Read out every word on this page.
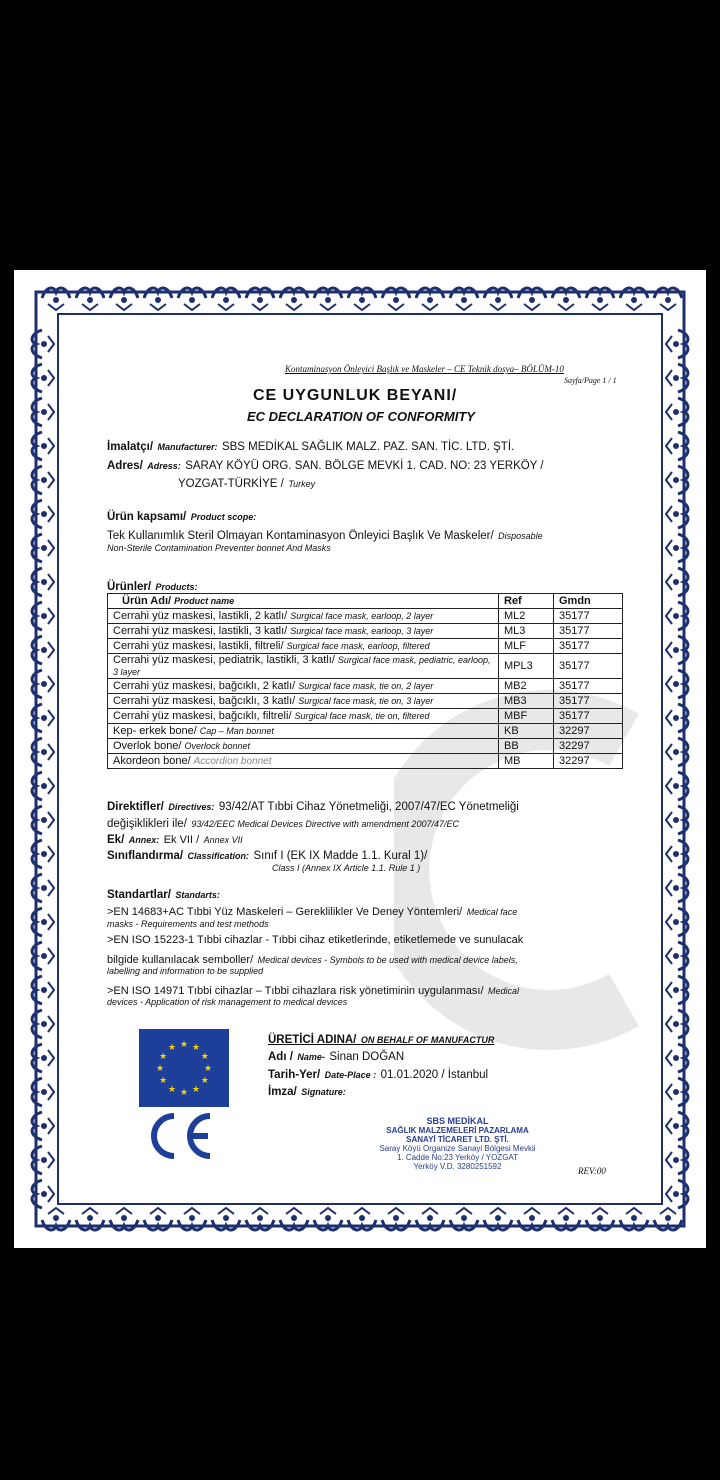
Kontaminasyon Önleyici Başlık ve Maskeler – CE Teknik dosya– BÖLÜM-10
Sayfa/Page 1 / 1
CE UYGUNLUK BEYANI/
EC DECLARATION OF CONFORMITY
İmalatçı/ Manufacturer: SBS MEDİKAL SAĞLIK MALZ. PAZ. SAN. TİC. LTD. ŞTİ.
Adres/ Adress: SARAY KÖYÜ ORG. SAN. BÖLGE MEVKİ 1. CAD. NO: 23 YERKÖY /
YOZGAT-TÜRKİYE / Turkey
Ürün kapsamı/ Product scope:
Tek Kullanımlık Steril Olmayan Kontaminasyon Önleyici Başlık Ve Maskeler/ Disposable
Non-Sterile Contamination Preventer bonnet And Masks
Ürünler/ Products:
Ürün Adı/ Product name	Ref	Gmdn
Cerrahi yüz maskesi, lastikli, 2 katlı/ Surgical face mask, earloop, 2 layer	ML2	35177
Cerrahi yüz maskesi, lastikli, 3 katlı/ Surgical face mask, earloop, 3 layer	ML3	35177
Cerrahi yüz maskesi, lastikli, filtreli/ Surgical face mask, earloop, filtered	MLF	35177
Cerrahi yüz maskesi, pediatrik, lastikli, 3 katlı/ Surgical face mask, pediatric, earloop, 3 layer	MPL3	35177
Cerrahi yüz maskesi, bağcıklı, 2 katlı/ Surgical face mask, tie on, 2 layer	MB2	35177
Cerrahi yüz maskesi, bağcıklı, 3 katlı/ Surgical face mask, tie on, 3 layer	MB3	35177
Cerrahi yüz maskesi, bağcıklı, filtreli/ Surgical face mask, tie on, filtered	MBF	35177
Kep- erkek bone/ Cap – Man bonnet	KB	32297
Overlok bone/ Overlock bonnet	BB	32297
Akordeon bone/ Accordion bonnet	MB	32297
Direktifler/ Directives: 93/42/AT Tıbbi Cihaz Yönetmeliği, 2007/47/EC Yönetmeliği
değişiklikleri ile/ 93/42/EEC Medical Devices Directive with amendment 2007/47/EC
Ek/ Annex: Ek VII / Annex VII
Sınıflandırma/ Classification: Sınıf I (EK IX Madde 1.1. Kural 1)/
Class I (Annex IX Article 1.1. Rule 1 )
Standartlar/ Standarts:
>EN 14683+AC Tıbbi Yüz Maskeleri – Gereklilikler Ve Deney Yöntemleri/ Medical face
masks - Requirements and test methods
>EN ISO 15223-1 Tıbbi cihazlar - Tıbbi cihaz etiketlerinde, etiketlemede ve sunulacak
bilgide kullanılacak semboller/ Medical devices - Symbols to be used with medical device labels,
labelling and information to be supplied
>EN ISO 14971 Tıbbi cihazlar – Tıbbi cihazlara risk yönetiminin uygulanması/ Medical
devices - Application of risk management to medical devices
★
★
★
★
★
★
★
★
★ ★ ★
★
ÜRETİCİ ADINA/ ON BEHALF OF MANUFACTUR
Adı / Name- Sinan DOĞAN
Tarih-Yer/ Date-Place : 01.01.2020 / İstanbul
İmza/ Signature:
SBS MEDİKAL
SAĞLIK MALZEMELERİ PAZARLAMA
SANAYİ TİCARET LTD. ŞTİ.
Saray Köyü Organize Sanayi Bölgesi Mevkii
1. Cadde No:23 Yerköy / YOZGAT
Yerköy V.D. 3280251592	REV:00
